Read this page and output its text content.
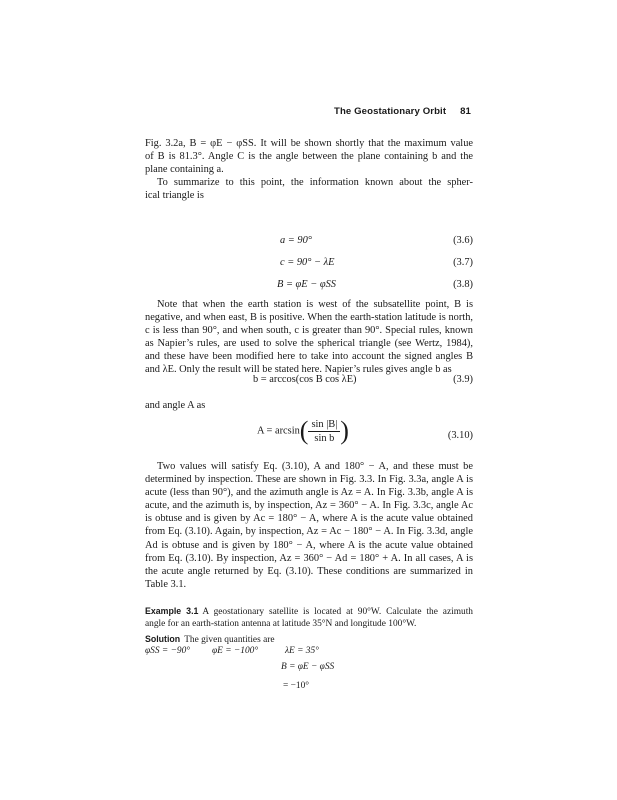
The Geostationary Orbit 81

Fig. 3.2a, B = φE − φSS. It will be shown shortly that the maximum value

of B is 81.3°. Angle C is the angle between the plane containing b and the

plane containing a.

To summarize to this point, the information known about the spher-

ical triangle is

a = 90°	(3.6)
c = 90° − λE	(3.7)
B = φE − φSS	(3.8)

Note that when the earth station is west of the subsatellite point, B is negative, and when east, B is positive. When the earth-station latitude is north, c is less than 90°, and when south, c is greater than 90°. Special rules, known as Napier’s rules, are used to solve the spherical triangle (see Wertz, 1984), and these have been modified here to take into account the signed angles B and λE. Only the result will be stated here. Napier’s rules gives angle b as

b = arccos(cos B cos λE)	(3.9)

and angle A as

$A = \arcsin( \frac{\sin |B|}{\text{sin b}}$ )	(3.10)

Two values will satisfy Eq. (3.10), A and 180° − A, and these must be determined by inspection. These are shown in Fig. 3.3. In Fig. 3.3a, angle A is acute (less than 90°), and the azimuth angle is Az = A. In Fig. 3.3b, angle A is acute, and the azimuth is, by inspection, Az = 360° − A. In Fig. 3.3c, angle Ac is obtuse and is given by Ac = 180° − A, where A is the acute value obtained from Eq. (3.10). Again, by inspection, Az = Ac − 180° − A. In Fig. 3.3d, angle Ad is obtuse and is given by 180° − A, where A is the acute value obtained from Eq. (3.10). By inspection, Az = 360° − Ad = 180° + A. In all cases, A is the acute angle returned by Eq. (3.10). These conditions are summarized in Table 3.1.

Example 3.1 A geostationary satellite is located at 90°W. Calculate the azimuth
angle for an earth-station antenna at latitude 35°N and longitude 100°W.
Solution The given quantities are
φSS = −90° φE = −100°	λE = 35°
B = φE − φSS
= −10°
